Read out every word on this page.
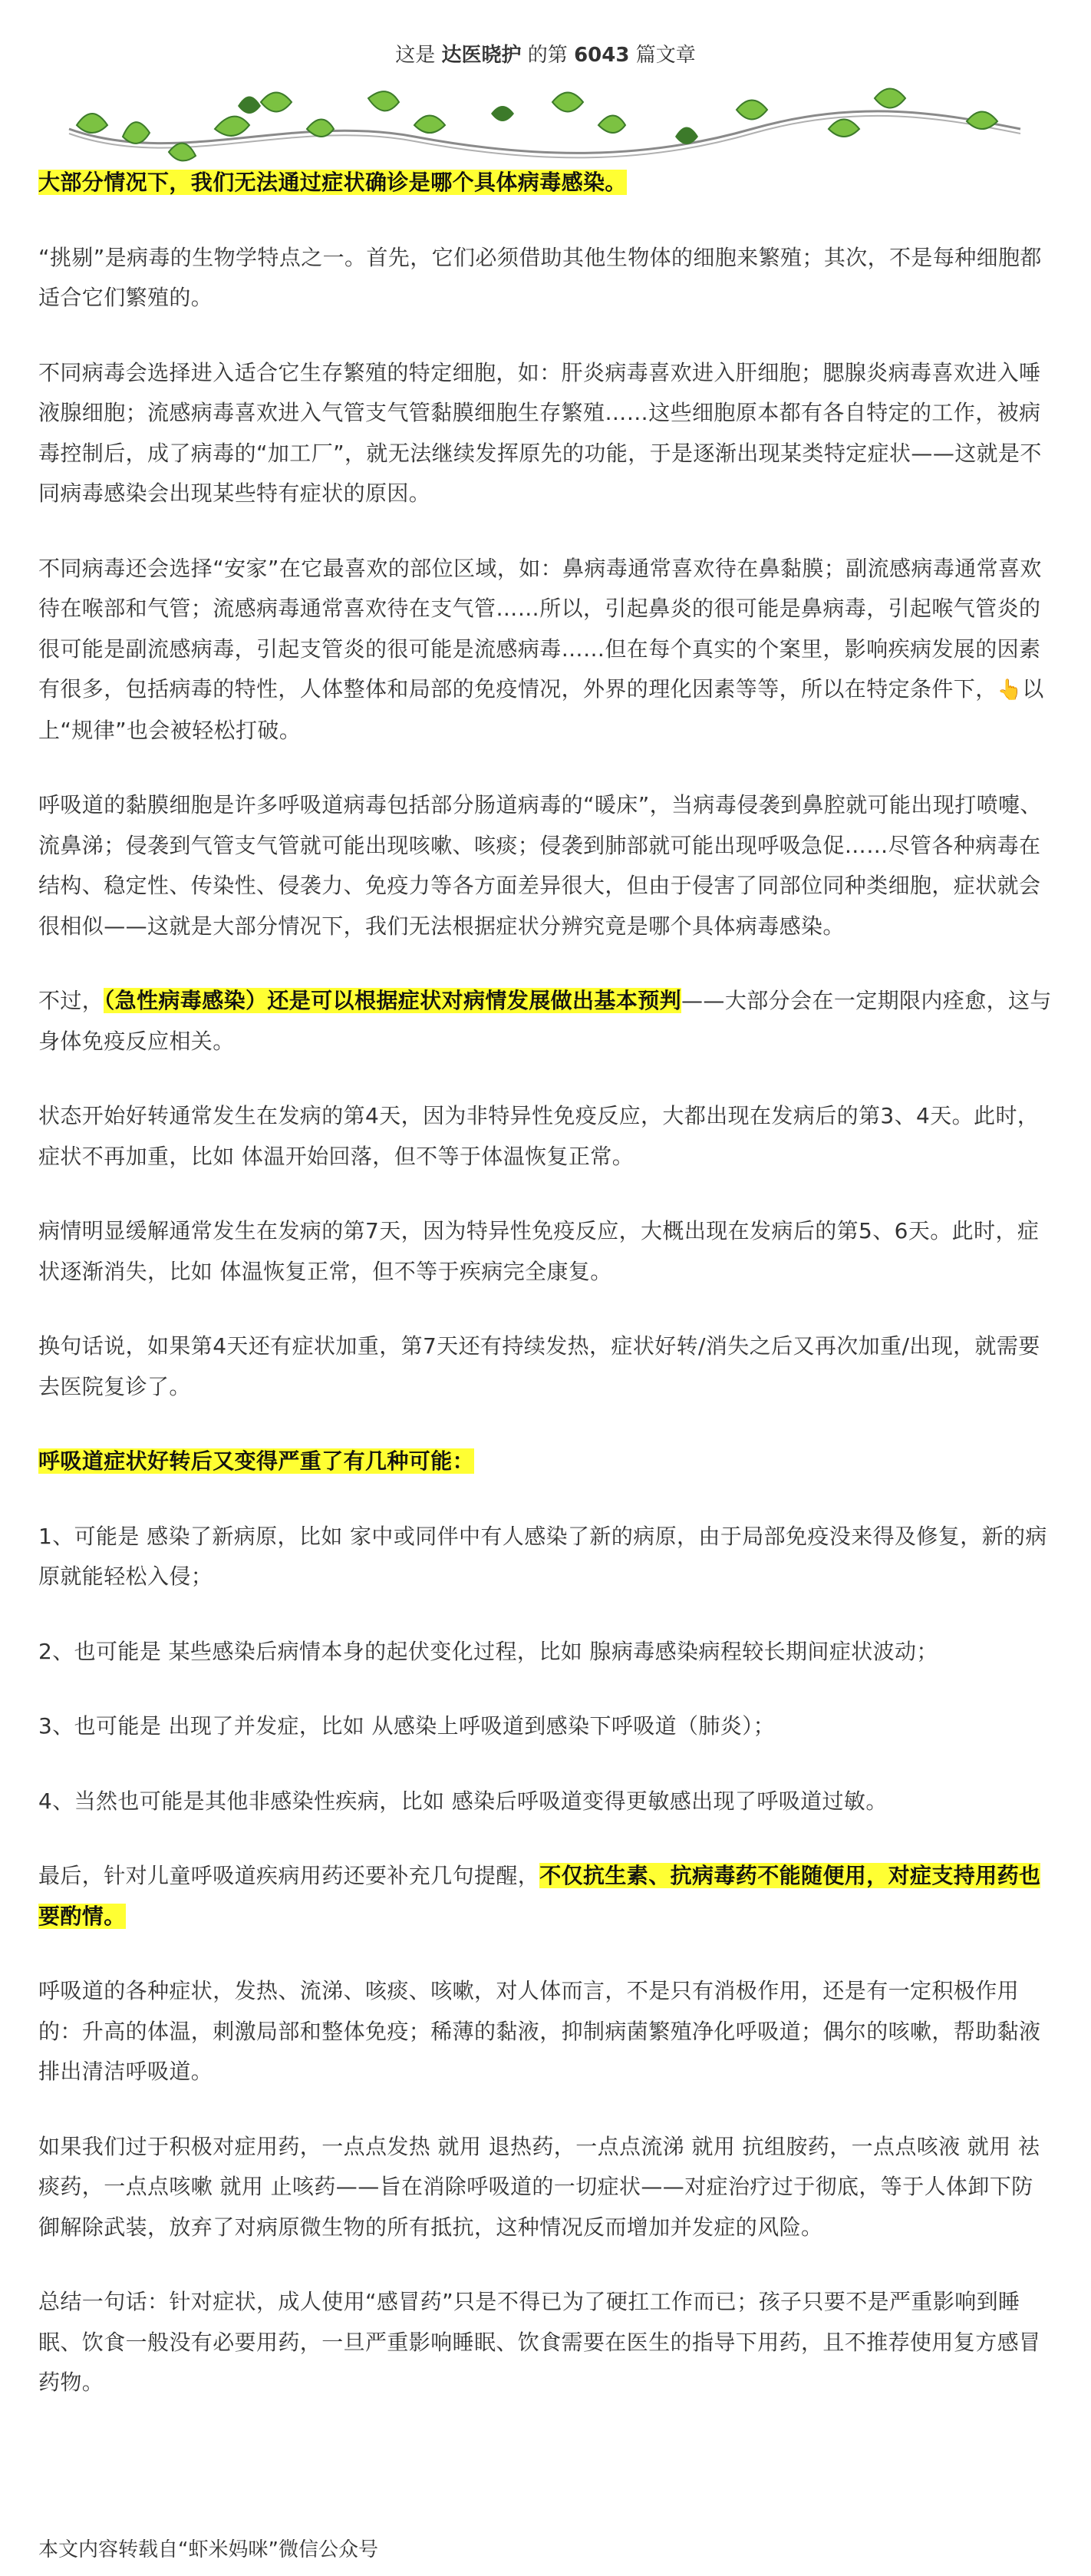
这是 达医晓护 的第 6043 篇文章

大部分情况下，我们无法通过症状确诊是哪个具体病毒感染。

“挑剔”是病毒的生物学特点之一。首先，它们必须借助其他生物体的细胞来繁殖；其次，不是每种细胞都适合它们繁殖的。

不同病毒会选择进入适合它生存繁殖的特定细胞，如：肝炎病毒喜欢进入肝细胞；腮腺炎病毒喜欢进入唾液腺细胞；流感病毒喜欢进入气管支气管黏膜细胞生存繁殖……这些细胞原本都有各自特定的工作，被病毒控制后，成了病毒的“加工厂”，就无法继续发挥原先的功能，于是逐渐出现某类特定症状——这就是不同病毒感染会出现某些特有症状的原因。

不同病毒还会选择“安家”在它最喜欢的部位区域，如：鼻病毒通常喜欢待在鼻黏膜；副流感病毒通常喜欢待在喉部和气管；流感病毒通常喜欢待在支气管……所以，引起鼻炎的很可能是鼻病毒，引起喉气管炎的很可能是副流感病毒，引起支管炎的很可能是流感病毒……但在每个真实的个案里，影响疾病发展的因素有很多，包括病毒的特性，人体整体和局部的免疫情况，外界的理化因素等等，所以在特定条件下，👆以上“规律”也会被轻松打破。

呼吸道的黏膜细胞是许多呼吸道病毒包括部分肠道病毒的“暖床”，当病毒侵袭到鼻腔就可能出现打喷嚏、流鼻涕；侵袭到气管支气管就可能出现咳嗽、咳痰；侵袭到肺部就可能出现呼吸急促……尽管各种病毒在结构、稳定性、传染性、侵袭力、免疫力等各方面差异很大，但由于侵害了同部位同种类细胞，症状就会很相似——这就是大部分情况下，我们无法根据症状分辨究竟是哪个具体病毒感染。

不过，（急性病毒感染）还是可以根据症状对病情发展做出基本预判——大部分会在一定期限内痊愈，这与身体免疫反应相关。

状态开始好转通常发生在发病的第4天，因为非特异性免疫反应，大都出现在发病后的第3、4天。此时，症状不再加重，比如 体温开始回落，但不等于体温恢复正常。

病情明显缓解通常发生在发病的第7天，因为特异性免疫反应，大概出现在发病后的第5、6天。此时，症状逐渐消失，比如 体温恢复正常，但不等于疾病完全康复。

换句话说，如果第4天还有症状加重，第7天还有持续发热，症状好转/消失之后又再次加重/出现，就需要去医院复诊了。

呼吸道症状好转后又变得严重了有几种可能：

1、可能是 感染了新病原，比如 家中或同伴中有人感染了新的病原，由于局部免疫没来得及修复，新的病原就能轻松入侵；

2、也可能是 某些感染后病情本身的起伏变化过程，比如 腺病毒感染病程较长期间症状波动；

3、也可能是 出现了并发症，比如 从感染上呼吸道到感染下呼吸道（肺炎）；

4、当然也可能是其他非感染性疾病，比如 感染后呼吸道变得更敏感出现了呼吸道过敏。

最后，针对儿童呼吸道疾病用药还要补充几句提醒，不仅抗生素、抗病毒药不能随便用，对症支持用药也要酌情。

呼吸道的各种症状，发热、流涕、咳痰、咳嗽，对人体而言，不是只有消极作用，还是有一定积极作用的：升高的体温，刺激局部和整体免疫；稀薄的黏液，抑制病菌繁殖净化呼吸道；偶尔的咳嗽，帮助黏液排出清洁呼吸道。

如果我们过于积极对症用药，一点点发热 就用 退热药，一点点流涕 就用 抗组胺药，一点点咳液 就用 祛痰药，一点点咳嗽 就用 止咳药——旨在消除呼吸道的一切症状——对症治疗过于彻底，等于人体卸下防御解除武装，放弃了对病原微生物的所有抵抗，这种情况反而增加并发症的风险。

总结一句话：针对症状，成人使用“感冒药”只是不得已为了硬扛工作而已；孩子只要不是严重影响到睡眠、饮食一般没有必要用药，一旦严重影响睡眠、饮食需要在医生的指导下用药，且不推荐使用复方感冒药物。

本文内容转载自“虾米妈咪”微信公众号
